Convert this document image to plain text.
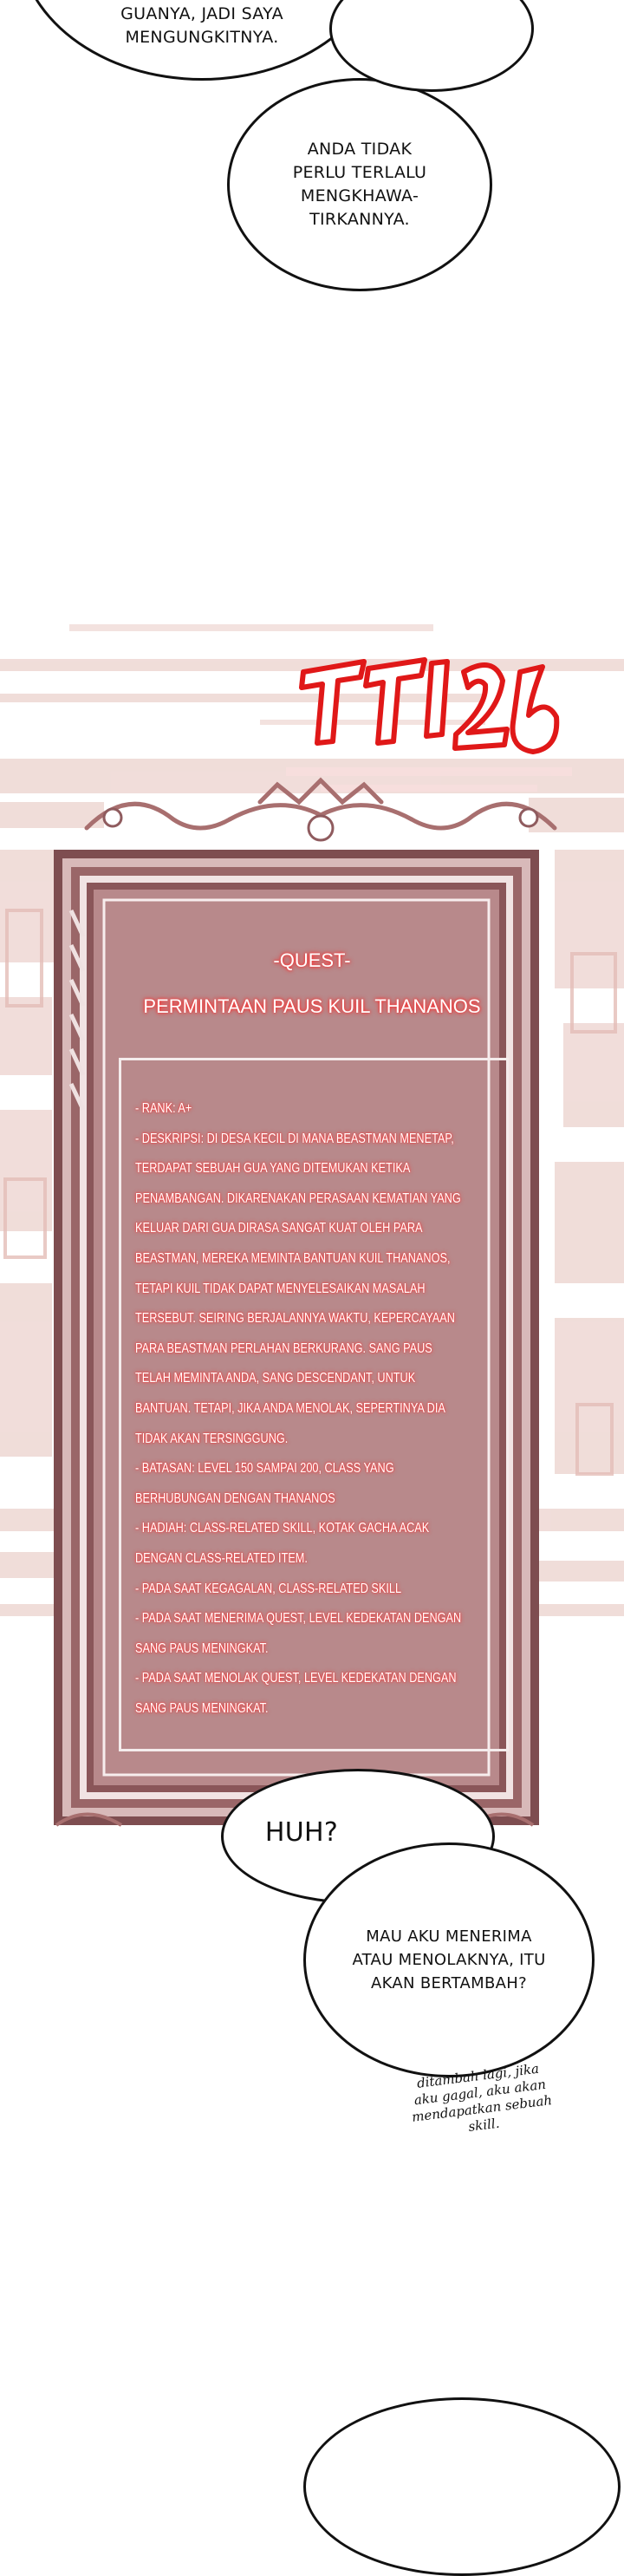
GUANYA, JADI SAYA
MENGUNGKITNYA.
ANDA TIDAK
PERLU TERLALU
MENGKHAWA-
TIRKANNYA.
-QUEST-
PERMINTAAN PAUS KUIL THANANOS
- RANK: A+
- DESKRIPSI: DI DESA KECIL DI MANA BEASTMAN MENETAP,
TERDAPAT SEBUAH GUA YANG DITEMUKAN KETIKA
PENAMBANGAN. DIKARENAKAN PERASAAN KEMATIAN YANG
KELUAR DARI GUA DIRASA SANGAT KUAT OLEH PARA
BEASTMAN, MEREKA MEMINTA BANTUAN KUIL THANANOS,
TETAPI KUIL TIDAK DAPAT MENYELESAIKAN MASALAH
TERSEBUT. SEIRING BERJALANNYA WAKTU, KEPERCAYAAN
PARA BEASTMAN PERLAHAN BERKURANG. SANG PAUS
TELAH MEMINTA ANDA, SANG DESCENDANT, UNTUK
BANTUAN. TETAPI, JIKA ANDA MENOLAK, SEPERTINYA DIA
TIDAK AKAN TERSINGGUNG.
- BATASAN: LEVEL 150 SAMPAI 200, CLASS YANG
BERHUBUNGAN DENGAN THANANOS
- HADIAH: CLASS-RELATED SKILL, KOTAK GACHA ACAK
DENGAN CLASS-RELATED ITEM.
- PADA SAAT KEGAGALAN, CLASS-RELATED SKILL
- PADA SAAT MENERIMA QUEST, LEVEL KEDEKATAN DENGAN
SANG PAUS MENINGKAT.
- PADA SAAT MENOLAK QUEST, LEVEL KEDEKATAN DENGAN
SANG PAUS MENINGKAT.
HUH?
MAU AKU MENERIMA
ATAU MENOLAKNYA, ITU
AKAN BERTAMBAH?
ditambah lagi, jika
aku gagal, aku akan
mendapatkan sebuah
skill.
